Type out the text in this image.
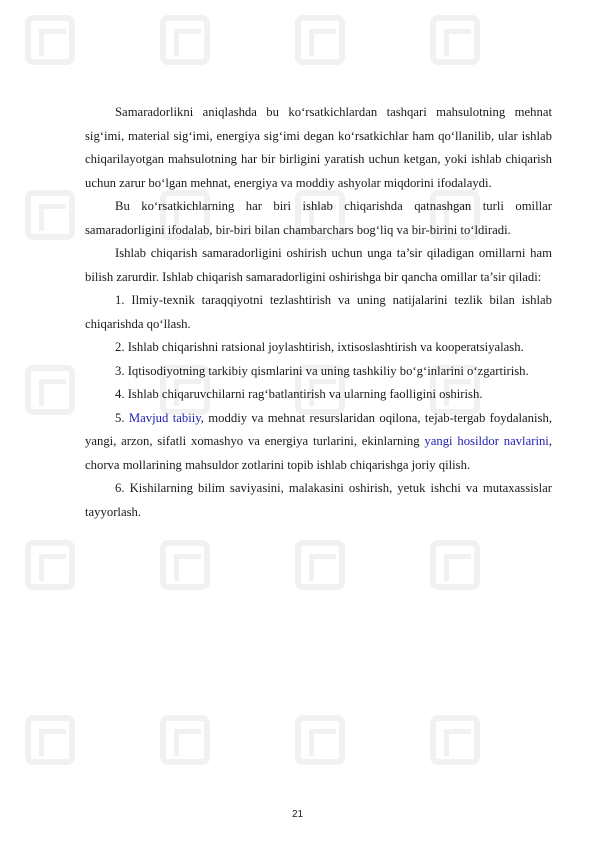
Samaradorlikni aniqlashda bu ko‘rsatkichlardan tashqari mahsulotning mehnat sig‘imi, material sig‘imi, energiya sig‘imi degan ko‘rsatkichlar ham qo‘llanilib, ular ishlab chiqarilayotgan mahsulotning har bir birligini yaratish uchun ketgan, yoki ishlab chiqarish uchun zarur bo‘lgan mehnat, energiya va moddiy ashyolar miqdorini ifodalaydi.

Bu ko‘rsatkichlarning har biri ishlab chiqarishda qatnashgan turli omillar samaradorligini ifodalab, bir-biri bilan chambarchars bog‘liq va bir-birini to‘ldiradi.

Ishlab chiqarish samaradorligini oshirish uchun unga ta’sir qiladigan omillarni ham bilish zarurdir. Ishlab chiqarish samaradorligini oshirishga bir qancha omillar ta’sir qiladi:

1. Ilmiy-texnik taraqqiyotni tezlashtirish va uning natijalarini tezlik bilan ishlab chiqarishda qo‘llash.

2. Ishlab chiqarishni ratsional joylashtirish, ixtisoslashtirish va kooperatsiyalash.

3. Iqtisodiyotning tarkibiy qismlarini va uning tashkiliy bo‘g‘inlarini o‘zgartirish.

4. Ishlab chiqaruvchilarni rag‘batlantirish va ularning faolligini oshirish.

5. Mavjud tabiiy, moddiy va mehnat resurslaridan oqilona, tejab-tergab foydalanish, yangi, arzon, sifatli xomashyo va energiya turlarini, ekinlarning yangi hosildor navlarini, chorva mollarining mahsuldor zotlarini topib ishlab chiqarishga joriy qilish.

6. Kishilarning bilim saviyasini, malakasini oshirish, yetuk ishchi va mutaxassislar tayyorlash.

21
